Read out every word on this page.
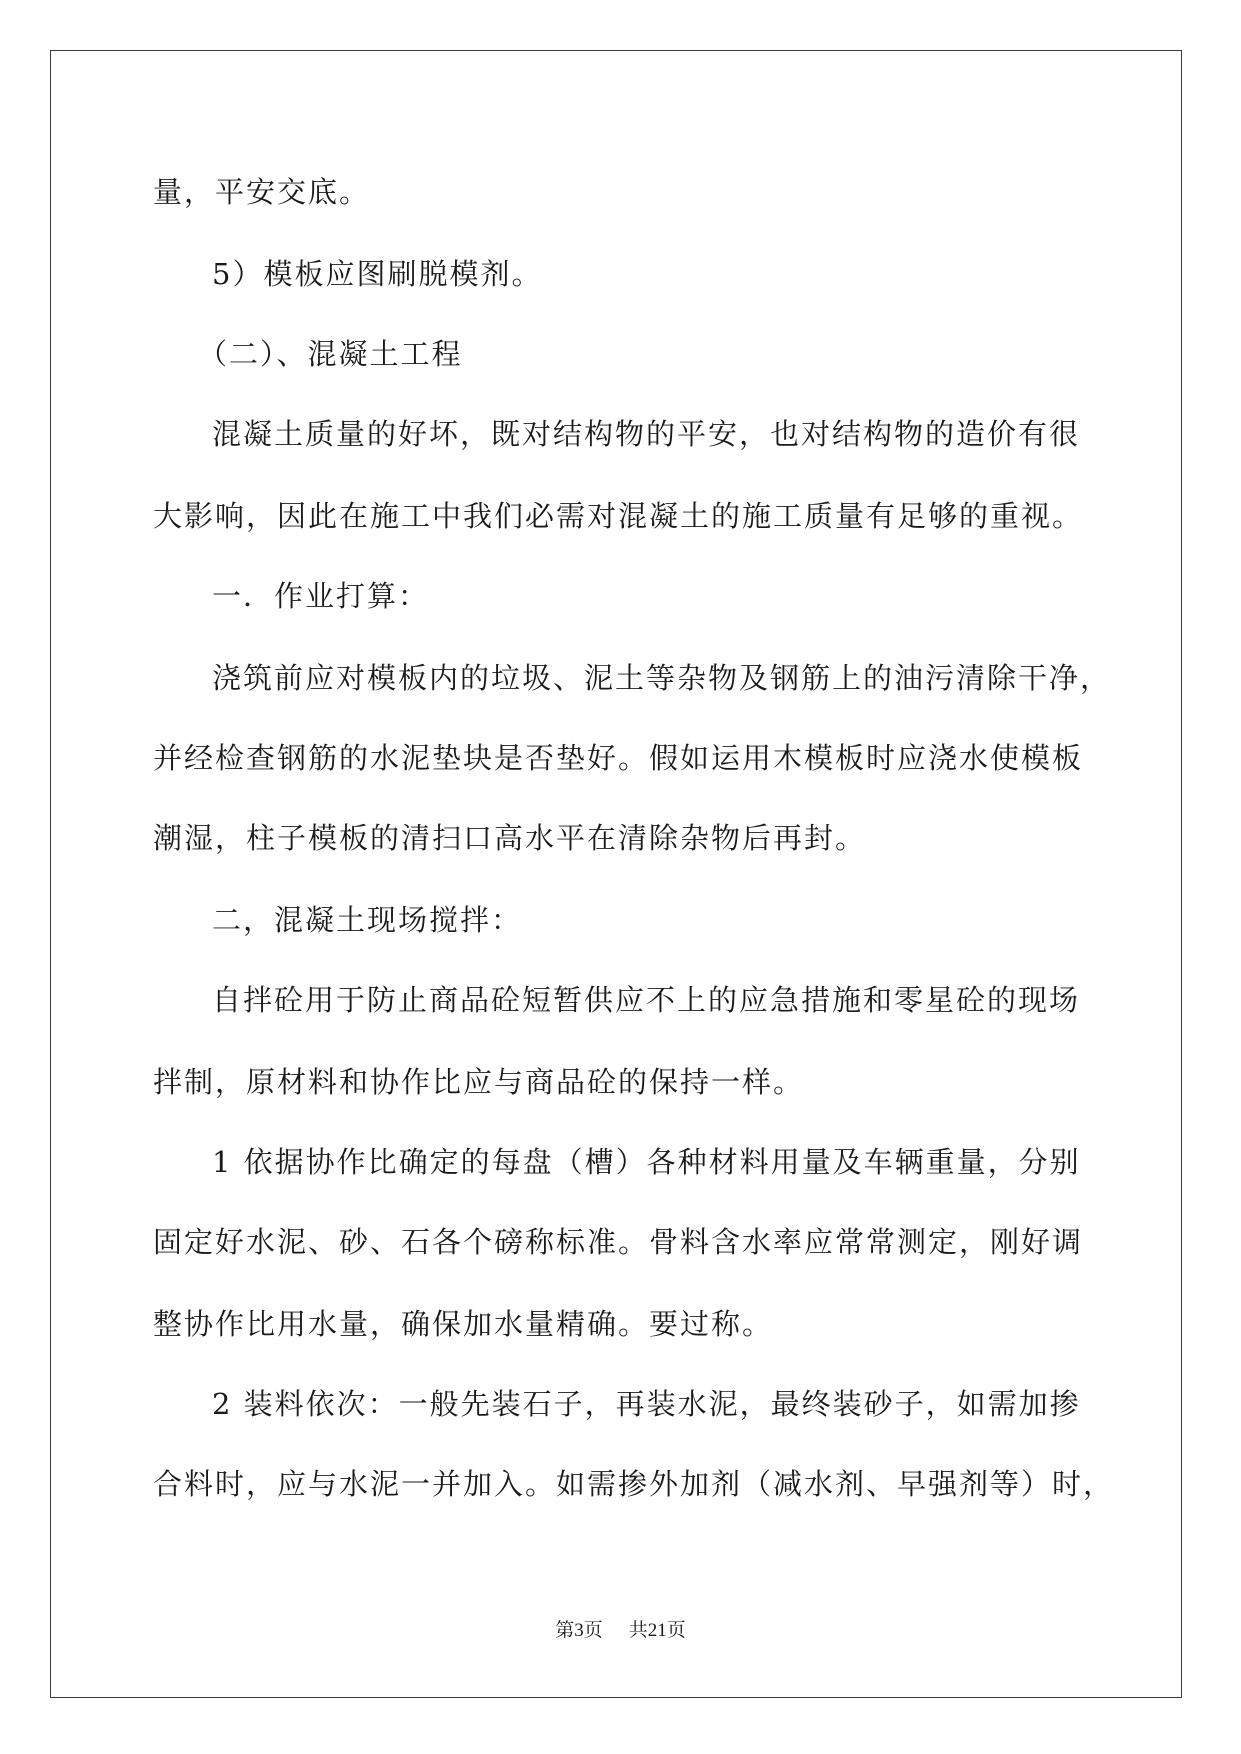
量，平安交底。
5）模板应图刷脱模剂。
（二）、混凝土工程
混凝土质量的好坏，既对结构物的平安，也对结构物的造价有很
大影响，因此在施工中我们必需对混凝土的施工质量有足够的重视。
一．作业打算：
浇筑前应对模板内的垃圾、泥土等杂物及钢筋上的油污清除干净，
并经检查钢筋的水泥垫块是否垫好。假如运用木模板时应浇水使模板
潮湿，柱子模板的清扫口高水平在清除杂物后再封。
二，混凝土现场搅拌：
自拌砼用于防止商品砼短暂供应不上的应急措施和零星砼的现场
拌制，原材料和协作比应与商品砼的保持一样。
1 依据协作比确定的每盘（槽）各种材料用量及车辆重量，分别
固定好水泥、砂、石各个磅称标准。骨料含水率应常常测定，刚好调
整协作比用水量，确保加水量精确。要过称。
2 装料依次：一般先装石子，再装水泥，最终装砂子，如需加掺
合料时，应与水泥一并加入。如需掺外加剂（减水剂、早强剂等）时，
第3页 共21页
